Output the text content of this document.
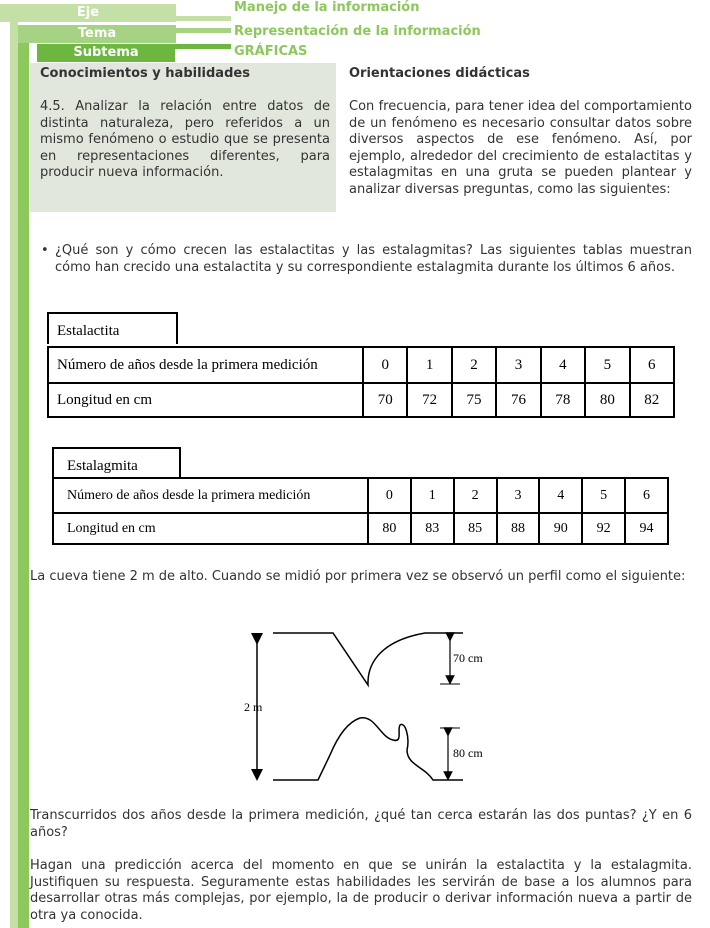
Eje	Manejo de la información
Tema	Representación de la información
Subtema	GRÁFICAS
Conocimientos y habilidades

4.5. Analizar la relación entre datos de distinta naturaleza, pero referidos a un mismo fenómeno o estudio que se presenta en representaciones diferentes, para producir nueva información.

Orientaciones didácticas

Con frecuencia, para tener idea del comportamiento de un fenómeno es necesario consultar datos sobre diversos aspectos de ese fenómeno. Así, por ejemplo, alrededor del crecimiento de estalactitas y estalagmitas en una gruta se pueden plantear y analizar diversas preguntas, como las siguientes:

• ¿Qué son y cómo crecen las estalactitas y las estalagmitas? Las siguientes tablas muestran cómo han crecido una estalactita y su correspondiente estalagmita durante los últimos 6 años.
Estalactita
Número de años desde la primera medición	0	1	2	3	4	5	6
Longitud en cm	70	72	75	76	78	80	82
Estalagmita
Número de años desde la primera medición	0	1	2	3	4	5	6
Longitud en cm	80	83	85	88	90	92	94

La cueva tiene 2 m de alto. Cuando se midió por primera vez se observó un perfil como el siguiente:

2 m
70 cm
80 cm

Transcurridos dos años desde la primera medición, ¿qué tan cerca estarán las dos puntas? ¿Y en 6 años?

Hagan una predicción acerca del momento en que se unirán la estalactita y la estalagmita. Justifiquen su respuesta. Seguramente estas habilidades les servirán de base a los alumnos para desarrollar otras más complejas, por ejemplo, la de producir o derivar información nueva a partir de otra ya conocida.
